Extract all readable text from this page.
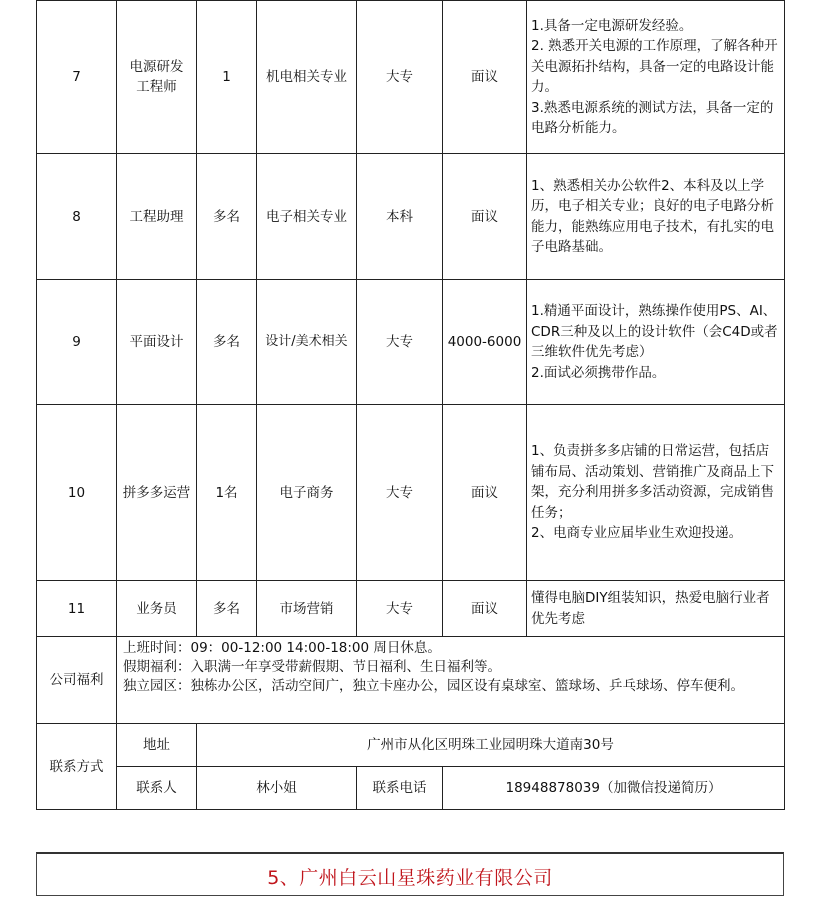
7	电源研发工程师	1	机电相关专业	大专	面议	1.具备一定电源研发经验。
2. 熟悉开关电源的工作原理，了解各种开关电源拓扑结构，具备一定的电路设计能力。
3.熟悉电源系统的测试方法，具备一定的电路分析能力。

8	工程助理	多名	电子相关专业	本科	面议	1、熟悉相关办公软件2、本科及以上学历，电子相关专业；良好的电子电路分析能力，能熟练应用电子技术，有扎实的电子电路基础。

9	平面设计	多名	设计/美术相关	大专	4000-6000	1.精通平面设计，熟练操作使用PS、AI、CDR三种及以上的设计软件（会C4D或者三维软件优先考虑）
2.面试必须携带作品。

10	拼多多运营	1名	电子商务	大专	面议	1、负责拼多多店铺的日常运营，包括店铺布局、活动策划、营销推广及商品上下架，充分利用拼多多活动资源，完成销售任务；
2、电商专业应届毕业生欢迎投递。

11	业务员	多名	市场营销	大专	面议	懂得电脑DIY组装知识，热爱电脑行业者优先考虑

公司福利	上班时间：09：00-12:00 14:00-18:00 周日休息。
假期福利：入职满一年享受带薪假期、节日福利、生日福利等。
独立园区：独栋办公区，活动空间广，独立卡座办公，园区设有桌球室、篮球场、乒乓球场、停车便利。					

联系方式	地址	广州市从化区明珠工业园明珠大道南30号				
	联系人	林小姐		联系电话	18948878039（加微信投递简历）	
5、广州白云山星珠药业有限公司
